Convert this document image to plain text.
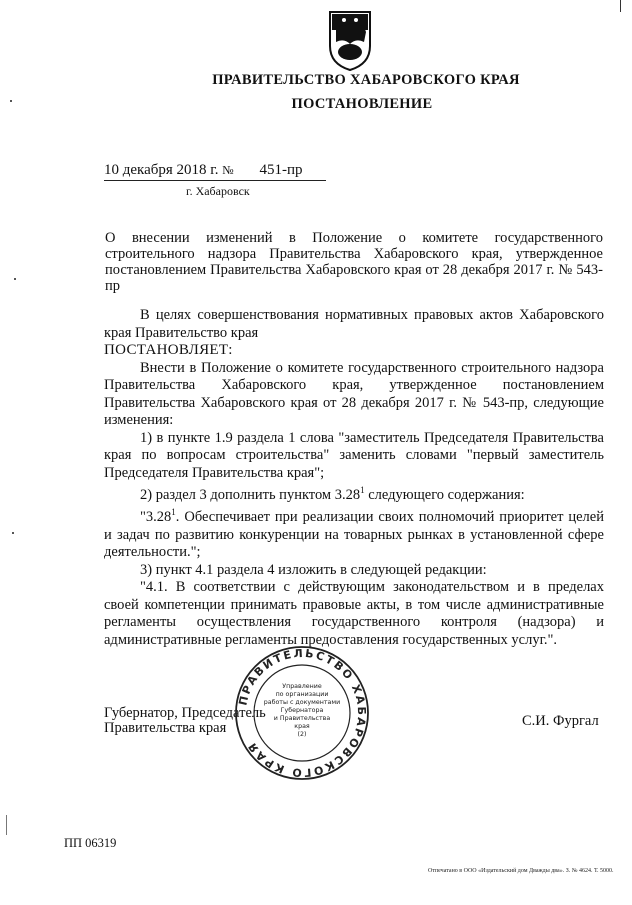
ПРАВИТЕЛЬСТВО ХАБАРОВСКОГО КРАЯ
ПОСТАНОВЛЕНИЕ
10 декабря 2018 г. № 451-пр
г. Хабаровск
О внесении изменений в Положение о комитете государственного строительного надзора Правительства Хабаровского края, утвержденное постановлением Правительства Хабаровского края от 28 декабря 2017 г. № 543-пр

В целях совершенствования нормативных правовых актов Хабаровского края Правительство края

ПОСТАНОВЛЯЕТ:

Внести в Положение о комитете государственного строительного надзора Правительства Хабаровского края, утвержденное постановлением Правительства Хабаровского края от 28 декабря 2017 г. № 543-пр, следующие изменения:

1) в пункте 1.9 раздела 1 слова "заместитель Председателя Правительства края по вопросам строительства" заменить словами "первый заместитель Председателя Правительства края";

2) раздел 3 дополнить пунктом 3.28$^1$ следующего содержания:

"3.28$^1$. Обеспечивает при реализации своих полномочий приоритет целей и задач по развитию конкуренции на товарных рынках в установленной сфере деятельности.";

3) пункт 4.1 раздела 4 изложить в следующей редакции:

"4.1. В соответствии с действующим законодательством и в пределах своей компетенции принимать правовые акты, в том числе административные регламенты осуществления государственного контроля (надзора) и административные регламенты предоставления государственных услуг.".

Губернатор, Председатель
Правительства края	С.И. Фургал
ПРАВИТЕЛЬСТВО ХАБАРОВСКОГО КРАЯ
Управление
по организации
работы с документами
Губернатора
и Правительства
края
(2)
ПП 06319
Отпечатано в ООО «Издательский дом Дважды два». З. № 4624. Т. 5000.
